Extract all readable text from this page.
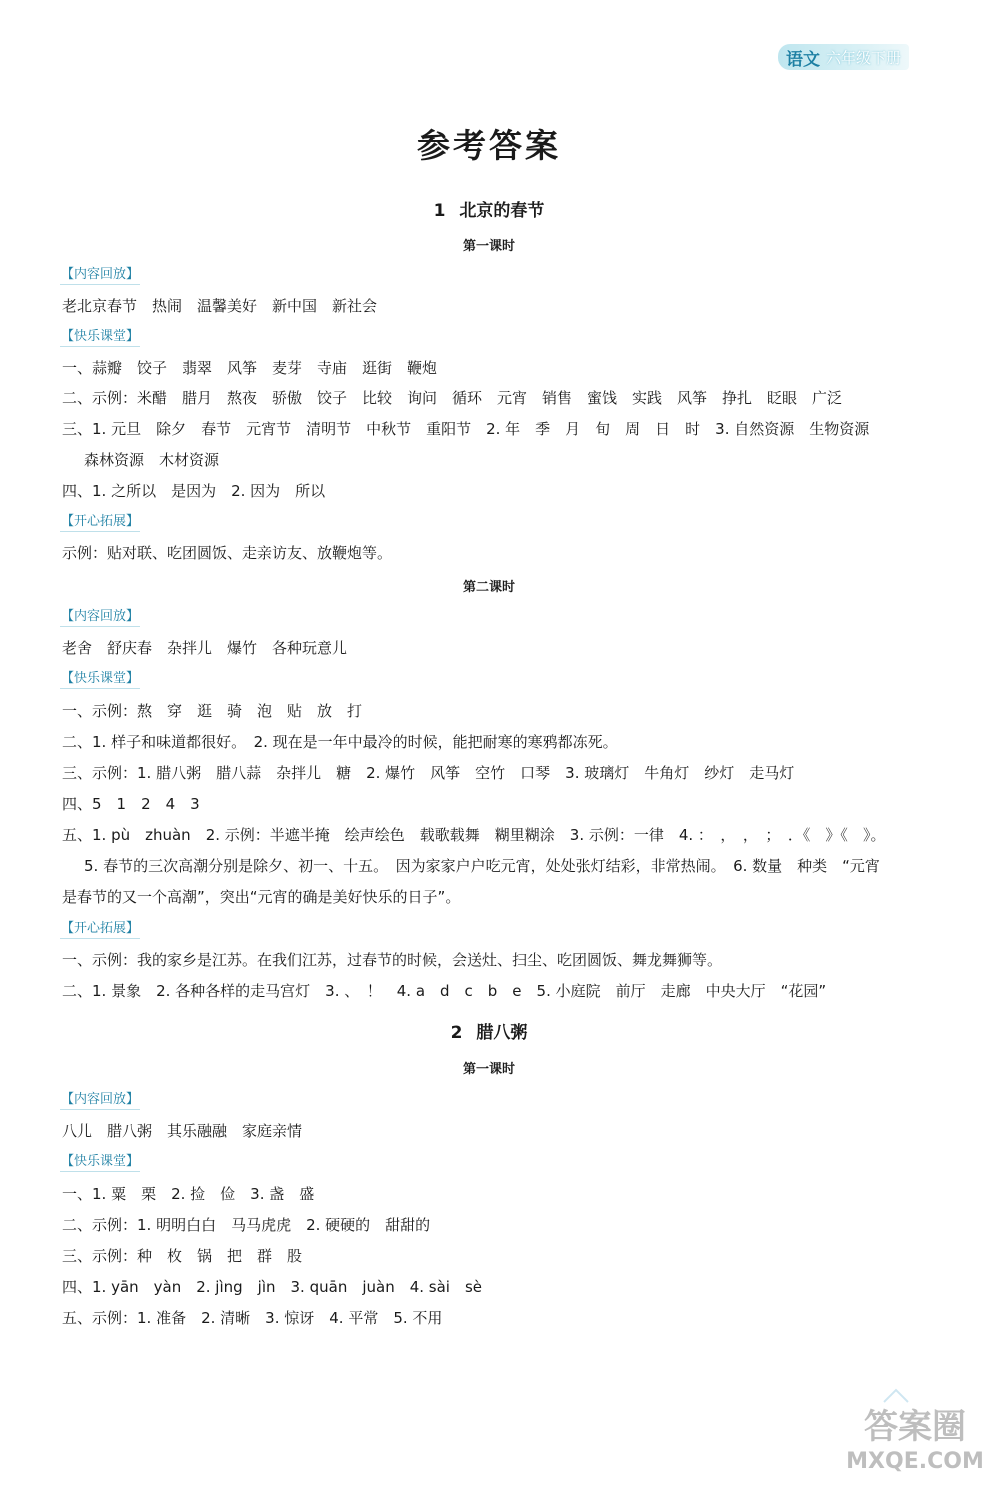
语文 六年级下册
参考答案
1 北京的春节
第一课时
【内容回放】

老北京春节　热闹　温馨美好　新中国　新社会

【快乐课堂】

一、蒜瓣　饺子　翡翠　风筝　麦芽　寺庙　逛街　鞭炮

二、示例：米醋　腊月　熬夜　骄傲　饺子　比较　询问　循环　元宵　销售　蜜饯　实践　风筝　挣扎　眨眼　广泛

三、1. 元旦　除夕　春节　元宵节　清明节　中秋节　重阳节　2. 年　季　月　旬　周　日　时　3. 自然资源　生物资源

森林资源　木材资源

四、1. 之所以　是因为　2. 因为　所以

【开心拓展】

示例：贴对联、吃团圆饭、走亲访友、放鞭炮等。

第二课时
【内容回放】

老舍　舒庆春　杂拌儿　爆竹　各种玩意儿

【快乐课堂】

一、示例：熬　穿　逛　骑　泡　贴　放　打

二、1. 样子和味道都很好。　2. 现在是一年中最冷的时候，能把耐寒的寒鸦都冻死。

三、示例：1. 腊八粥　腊八蒜　杂拌儿　糖　2. 爆竹　风筝　空竹　口琴　3. 玻璃灯　牛角灯　纱灯　走马灯

四、5　1　2　4　3

五、1. pù　zhuàn　2. 示例：半遮半掩　绘声绘色　载歌载舞　糊里糊涂　3. 示例：一律　4. ：　，　，　；　．《　》《　》。

5. 春节的三次高潮分别是除夕、初一、十五。　因为家家户户吃元宵，处处张灯结彩，非常热闹。　6. 数量　种类　“元宵

是春节的又一个高潮”，突出“元宵的确是美好快乐的日子”。

【开心拓展】

一、示例：我的家乡是江苏。在我们江苏，过春节的时候，会送灶、扫尘、吃团圆饭、舞龙舞狮等。

二、1. 景象　2. 各种各样的走马宫灯　3. 、　！　4. a　d　c　b　e　5. 小庭院　前厅　走廊　中央大厅　“花园”

2 腊八粥
第一课时
【内容回放】

八儿　腊八粥　其乐融融　家庭亲情

【快乐课堂】

一、1. 粟　栗　2. 捡　俭　3. 盏　盛

二、示例：1. 明明白白　马马虎虎　2. 硬硬的　甜甜的

三、示例：种　枚　锅　把　群　股

四、1. yān　yàn　2. jìng　jìn　3. quān　juàn　4. sài　sè

五、示例：1. 准备　2. 清晰　3. 惊讶　4. 平常　5. 不用

答案圈
MXQE.COM
